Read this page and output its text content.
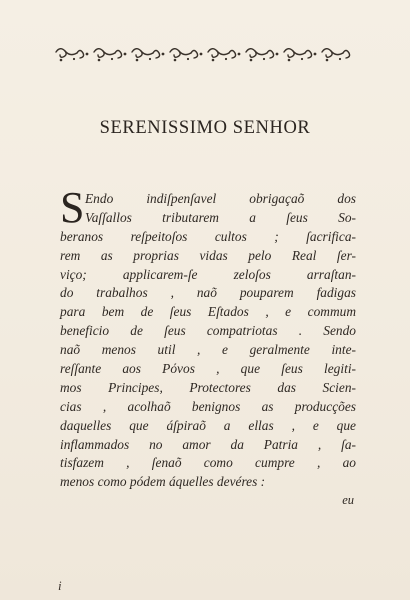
SERENISSIMO SENHOR
S Endo indiſpenſavel obrigaçaõ dos
Vaſſallos tributarem a ſeus So-
beranos reſpeitoſos cultos ; ſacrifica-
rem as proprias vidas pelo Real ſer-
viço; applicarem-ſe zeloſos arraſtan-
do trabalhos , naõ pouparem fadigas
para bem de ſeus Eſtados , e commum
beneficio de ſeus compatriotas . Sendo
naõ menos util , e geralmente inte-
reſſante aos Pόvos , que ſeus legiti-
mos Principes, Protectores das Scien-
cias , acolhaõ benignos as producções
daquelles que áſpiraõ a ellas , e que
inflammados no amor da Patria , ſa-
tisfazem , ſenaõ como cumpre , ao
menos como pódem áquelles devéres :
eu
i
